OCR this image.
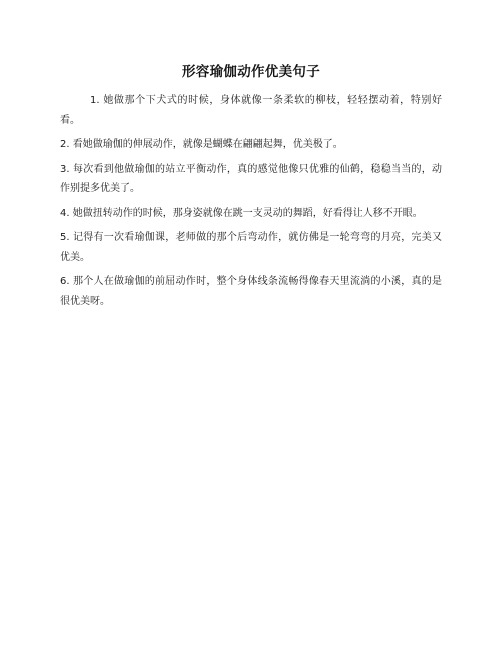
形容瑜伽动作优美句子

1. 她做那个下犬式的时候，身体就像一条柔软的柳枝，轻轻摆动着，特别好看。

2. 看她做瑜伽的伸展动作，就像是蝴蝶在翩翩起舞，优美极了。

3. 每次看到他做瑜伽的站立平衡动作，真的感觉他像只优雅的仙鹤，稳稳当当的，动作别提多优美了。

4. 她做扭转动作的时候，那身姿就像在跳一支灵动的舞蹈，好看得让人移不开眼。

5. 记得有一次看瑜伽课，老师做的那个后弯动作，就仿佛是一轮弯弯的月亮，完美又优美。

6. 那个人在做瑜伽的前屈动作时，整个身体线条流畅得像春天里流淌的小溪，真的是很优美呀。
